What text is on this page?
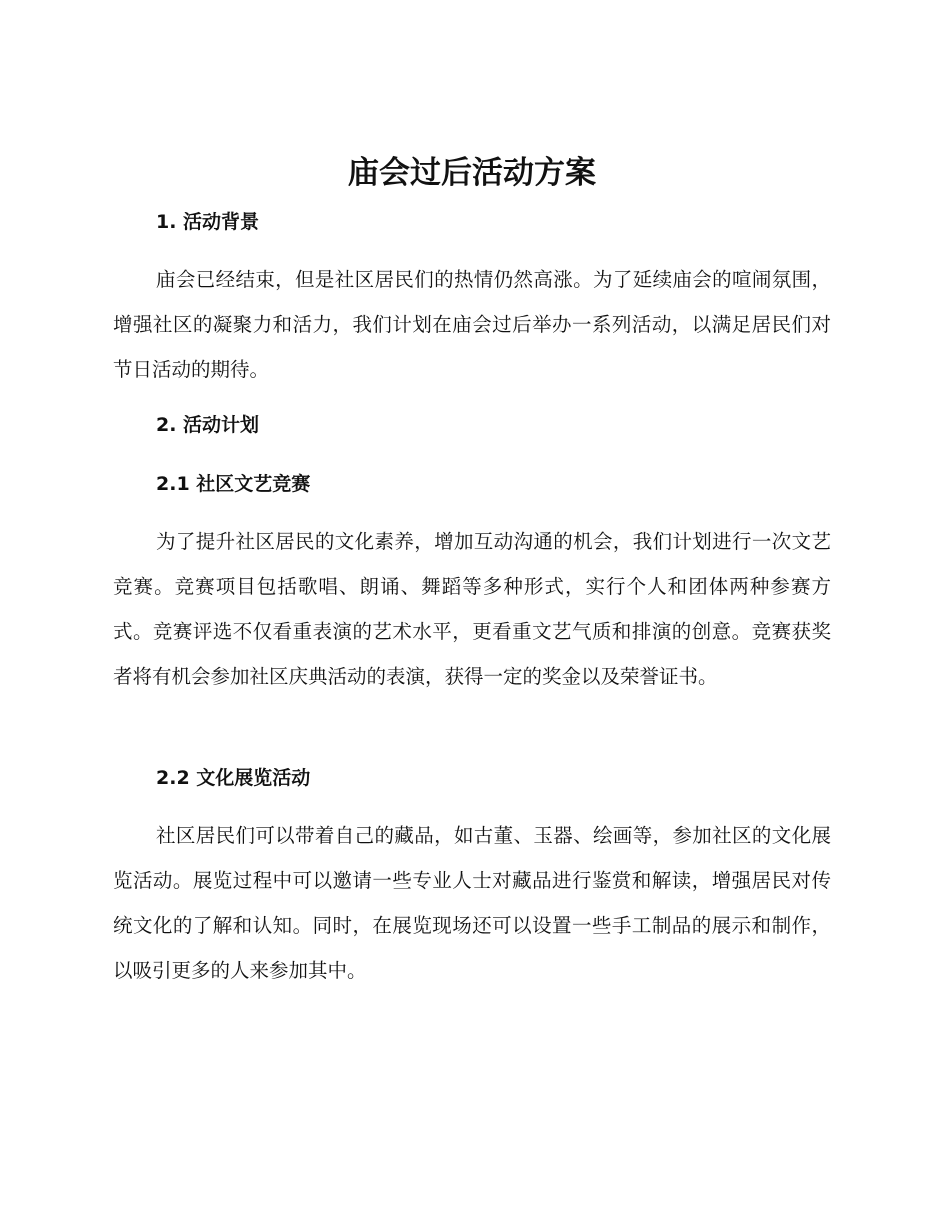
庙会过后活动方案
1. 活动背景

庙会已经结束，但是社区居民们的热情仍然高涨。为了延续庙会的喧闹氛围，增强社区的凝聚力和活力，我们计划在庙会过后举办一系列活动，以满足居民们对节日活动的期待。

2. 活动计划
2.1 社区文艺竞赛

为了提升社区居民的文化素养，增加互动沟通的机会，我们计划进行一次文艺竞赛。竞赛项目包括歌唱、朗诵、舞蹈等多种形式，实行个人和团体两种参赛方式。竞赛评选不仅看重表演的艺术水平，更看重文艺气质和排演的创意。竞赛获奖者将有机会参加社区庆典活动的表演，获得一定的奖金以及荣誉证书。

2.2 文化展览活动

社区居民们可以带着自己的藏品，如古董、玉器、绘画等，参加社区的文化展览活动。展览过程中可以邀请一些专业人士对藏品进行鉴赏和解读，增强居民对传统文化的了解和认知。同时，在展览现场还可以设置一些手工制品的展示和制作，以吸引更多的人来参加其中。
